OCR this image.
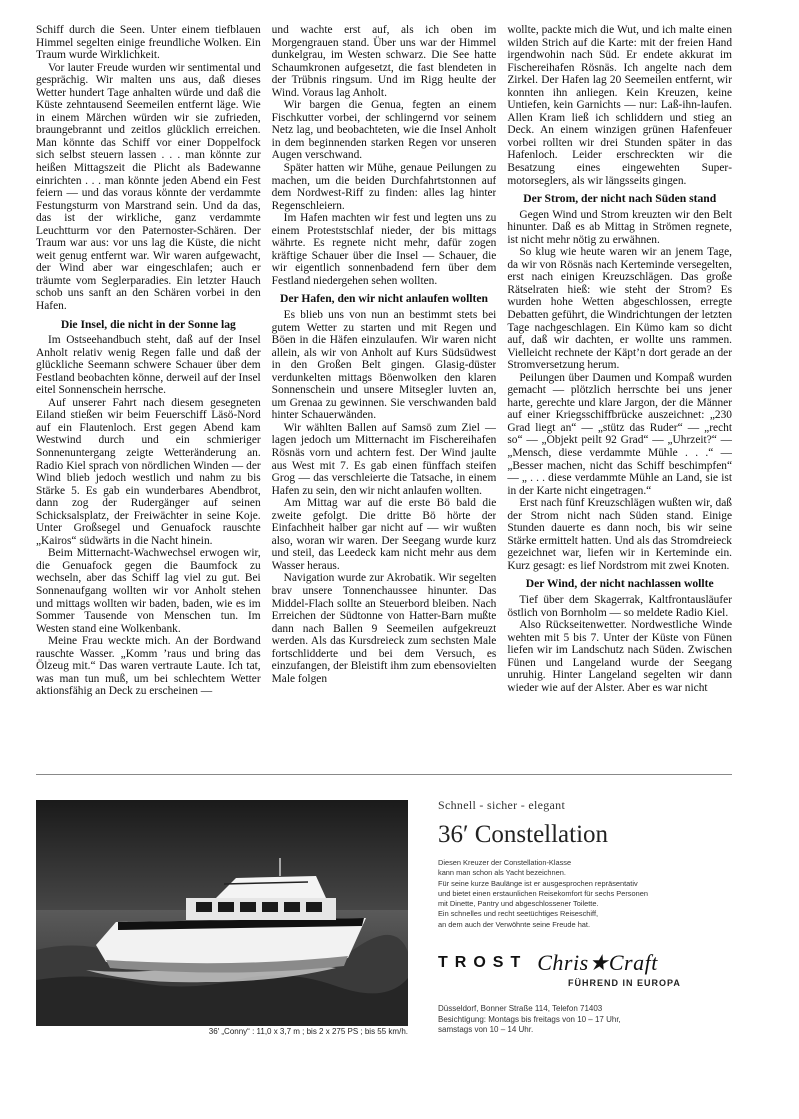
Schiff durch die Seen. Unter einem tiefblauen Himmel segelten einige freundliche Wolken. Ein Traum wurde Wirklichkeit.

Vor lauter Freude wurden wir sentimental und gesprächig. Wir malten uns aus, daß dieses Wetter hundert Tage anhalten würde und daß die Küste zehntausend Seemeilen entfernt läge. Wie in einem Märchen würden wir sie zufrieden, braungebrannt und zeitlos glücklich erreichen. Man könnte das Schiff vor einer Doppelfock sich selbst steuern lassen . . . man könnte zur heißen Mittagszeit die Plicht als Badewanne einrichten . . . man könnte jeden Abend ein Fest feiern — und das voraus könnte der verdammte Festungsturm von Marstrand sein. Und da das, das ist der wirkliche, ganz verdammte Leuchtturm vor den Paternoster-Schären. Der Traum war aus: vor uns lag die Küste, die nicht weit genug entfernt war. Wir waren aufgewacht, der Wind aber war eingeschlafen; auch er träumte vom Seglerparadies. Ein letzter Hauch schob uns sanft an den Schären vorbei in den Hafen.

Die Insel, die nicht in der Sonne lag

Im Ostseehandbuch steht, daß auf der Insel Anholt relativ wenig Regen falle und daß der glückliche Seemann schwere Schauer über dem Festland beobachten könne, derweil auf der Insel eitel Sonnenschein herrsche.

Auf unserer Fahrt nach diesem gesegneten Eiland stießen wir beim Feuerschiff Läsö-Nord auf ein Flautenloch. Erst gegen Abend kam Westwind durch und ein schmieriger Sonnenuntergang zeigte Wetteränderung an. Radio Kiel sprach von nördlichen Winden — der Wind blieb jedoch westlich und nahm zu bis Stärke 5. Es gab ein wunderbares Abendbrot, dann zog der Rudergänger auf seinen Schicksalsplatz, der Freiwächter in seine Koje. Unter Großsegel und Genuafock rauschte „Kairos“ südwärts in die Nacht hinein.

Beim Mitternacht-Wachwechsel erwogen wir, die Genuafock gegen die Baumfock zu wechseln, aber das Schiff lag viel zu gut. Bei Sonnenaufgang wollten wir vor Anholt stehen und mittags wollten wir baden, baden, wie es im Sommer Tausende von Menschen tun. Im Westen stand eine Wolkenbank.

Meine Frau weckte mich. An der Bordwand rauschte Wasser. „Komm ’raus und bring das Ölzeug mit.“ Das waren vertraute Laute. Ich tat, was man tun muß, um bei schlechtem Wetter aktionsfähig an Deck zu erscheinen —

und wachte erst auf, als ich oben im Morgengrauen stand. Über uns war der Himmel dunkelgrau, im Westen schwarz. Die See hatte Schaumkronen aufgesetzt, die fast blendeten in der Trübnis ringsum. Und im Rigg heulte der Wind. Voraus lag Anholt.

Wir bargen die Genua, fegten an einem Fischkutter vorbei, der schlingernd vor seinem Netz lag, und beobachteten, wie die Insel Anholt in dem beginnenden starken Regen vor unseren Augen verschwand.

Später hatten wir Mühe, genaue Peilungen zu machen, um die beiden Durchfahrtstonnen auf dem Nordwest-Riff zu finden: alles lag hinter Regenschleiern.

Im Hafen machten wir fest und legten uns zu einem Proteststschlaf nieder, der bis mittags währte. Es regnete nicht mehr, dafür zogen kräftige Schauer über die Insel — Schauer, die wir eigentlich sonnenbadend fern über dem Festland niedergehen sehen wollten.

Der Hafen, den wir nicht anlaufen wollten

Es blieb uns von nun an bestimmt stets bei gutem Wetter zu starten und mit Regen und Böen in die Häfen einzulaufen. Wir waren nicht allein, als wir von Anholt auf Kurs Südsüdwest in den Großen Belt gingen. Glasig-düster verdunkelten mittags Böenwolken den klaren Sonnenschein und unsere Mitsegler luvten an, um Grenaa zu gewinnen. Sie verschwanden bald hinter Schauerwänden.

Wir wählten Ballen auf Samsö zum Ziel — lagen jedoch um Mitternacht im Fischereihafen Rösnäs vorn und achtern fest. Der Wind jaulte aus West mit 7. Es gab einen fünffach steifen Grog — das verschleierte die Tatsache, in einem Hafen zu sein, den wir nicht anlaufen wollten.

Am Mittag war auf die erste Bö bald die zweite gefolgt. Die dritte Bö hörte der Einfachheit halber gar nicht auf — wir wußten also, woran wir waren. Der Seegang wurde kurz und steil, das Leedeck kam nicht mehr aus dem Wasser heraus.

Navigation wurde zur Akrobatik. Wir segelten brav unsere Tonnenchaussee hinunter. Das Middel-Flach sollte an Steuerbord bleiben. Nach Erreichen der Südtonne von Hatter-Barn mußte dann nach Ballen 9 Seemeilen aufgekreuzt werden. Als das Kursdreieck zum sechsten Male fortschlidderte und bei dem Versuch, es einzufangen, der Bleistift ihm zum ebensovielten Male folgen

wollte, packte mich die Wut, und ich malte einen wilden Strich auf die Karte: mit der freien Hand irgendwohin nach Süd. Er endete akkurat im Fischereihafen Rösnäs. Ich angelte nach dem Zirkel. Der Hafen lag 20 Seemeilen entfernt, wir konnten ihn anliegen. Kein Kreuzen, keine Untiefen, kein Garnichts — nur: Laß-ihn-laufen. Allen Kram ließ ich schliddern und stieg an Deck. An einem winzigen grünen Hafenfeuer vorbei rollten wir drei Stunden später in das Hafenloch. Leider erschreckten wir die Besatzung eines eingewehten Supermotorseglers, als wir längsseits gingen.

Der Strom, der nicht nach Süden stand

Gegen Wind und Strom kreuzten wir den Belt hinunter. Daß es ab Mittag in Strömen regnete, ist nicht mehr nötig zu erwähnen.

So klug wie heute waren wir an jenem Tage, da wir von Rösnäs nach Kerteminde versegelten, erst nach einigen Kreuzschlägen. Das große Rätselraten hieß: wie steht der Strom? Es wurden hohe Wetten abgeschlossen, erregte Debatten geführt, die Windrichtungen der letzten Tage nachgeschlagen. Ein Kümo kam so dicht auf, daß wir dachten, er wollte uns rammen. Vielleicht rechnete der Käpt’n dort gerade an der Stromversetzung herum.

Peilungen über Daumen und Kompaß wurden gemacht — plötzlich herrschte bei uns jener harte, gerechte und klare Jargon, der die Männer auf einer Kriegsschiffbrücke auszeichnet: „230 Grad liegt an“ — „stütz das Ruder“ — „recht so“ — „Objekt peilt 92 Grad“ — „Uhrzeit?“ — „Mensch, diese verdammte Mühle . . .“ — „Besser machen, nicht das Schiff beschimpfen“ — „ . . . diese verdammte Mühle an Land, sie ist in der Karte nicht eingetragen.“

Erst nach fünf Kreuzschlägen wußten wir, daß der Strom nicht nach Süden stand. Einige Stunden dauerte es dann noch, bis wir seine Stärke ermittelt hatten. Und als das Stromdreieck gezeichnet war, liefen wir in Kerteminde ein. Kurz gesagt: es lief Nordstrom mit zwei Knoten.

Der Wind, der nicht nachlassen wollte

Tief über dem Skagerrak, Kaltfrontausläufer östlich von Bornholm — so meldete Radio Kiel.

Also Rückseitenwetter. Nordwestliche Winde wehten mit 5 bis 7. Unter der Küste von Fünen liefen wir im Landschutz nach Süden. Zwischen Fünen und Langeland wurde der Seegang unruhig. Hinter Langeland segelten wir dann wieder wie auf der Alster. Aber es war nicht

36′ „Conny“ : 11,0 x 3,7 m ; bis 2 x 275 PS ; bis 55 km/h.
Schnell - sicher - elegant
36′ Constellation
Diesen Kreuzer der Constellation-Klasse
kann man schon als Yacht bezeichnen.
Für seine kurze Baulänge ist er ausgesprochen repräsentativ
und bietet einen erstaunlichen Reisekomfort für sechs Personen
mit Dinette, Pantry und abgeschlossener Toilette.
Ein schnelles und recht seetüchtiges Reiseschiff,
an dem auch der Verwöhnte seine Freude hat.
TROST Chris★Craft
FÜHREND IN EUROPA
Düsseldorf, Bonner Straße 114, Telefon 71403
Besichtigung: Montags bis freitags von 10 – 17 Uhr,
samstags von 10 – 14 Uhr.
